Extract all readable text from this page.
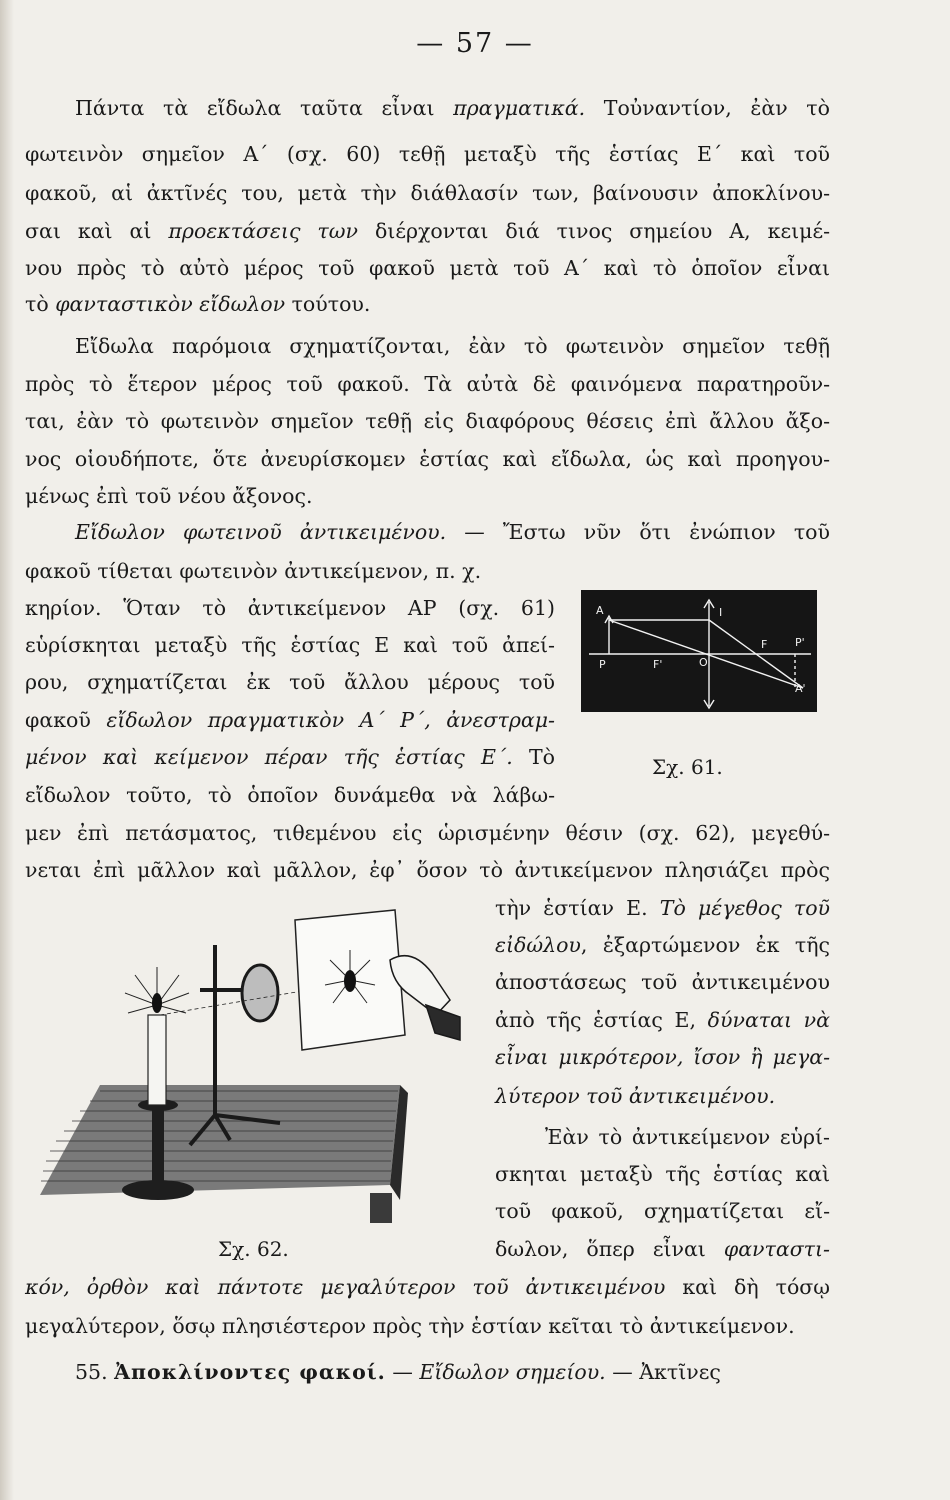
— 57 —
Πάντα τὰ εἴδωλα ταῦτα εἶναι πραγματικά. Τοὐναντίον, ἐὰν τὸ
φωτεινὸν σημεῖον Α΄ (σχ. 60) τεθῇ μεταξὺ τῆς ἑστίας Ε΄ καὶ τοῦ
φακοῦ, αἱ ἀκτῖνές του, μετὰ τὴν διάθλασίν των, βαίνουσιν ἀποκλίνου-
σαι καὶ αἱ προεκτάσεις των διέρχονται διά τινος σημείου Α, κειμέ-
νου πρὸς τὸ αὐτὸ μέρος τοῦ φακοῦ μετὰ τοῦ Α΄ καὶ τὸ ὁποῖον εἶναι
τὸ φανταστικὸν εἴδωλον τούτου.
Εἴδωλα παρόμοια σχηματίζονται, ἐὰν τὸ φωτεινὸν σημεῖον τεθῇ
πρὸς τὸ ἕτερον μέρος τοῦ φακοῦ. Τὰ αὐτὰ δὲ φαινόμενα παρατηροῦν-
ται, ἐὰν τὸ φωτεινὸν σημεῖον τεθῇ εἰς διαφόρους θέσεις ἐπὶ ἄλλου ἄξο-
νος οἱουδήποτε, ὅτε ἀνευρίσκομεν ἑστίας καὶ εἴδωλα, ὡς καὶ προηγου-
μένως ἐπὶ τοῦ νέου ἄξονος.
Εἴδωλον φωτεινοῦ ἀντικειμένου. — Ἔστω νῦν ὅτι ἐνώπιον τοῦ
φακοῦ τίθεται φωτεινὸν ἀντικείμενον, π. χ.
κηρίον. Ὅταν τὸ ἀντικείμενον ΑΡ (σχ. 61)
εὑρίσκηται μεταξὺ τῆς ἑστίας Ε καὶ τοῦ ἀπεί-
ρου, σχηματίζεται ἐκ τοῦ ἄλλου μέρους τοῦ
φακοῦ εἴδωλον πραγματικὸν Α΄ Ρ΄, ἀνεστραμ-
μένον καὶ κείμενον πέραν τῆς ἑστίας Ε΄. Τὸ
εἴδωλον τοῦτο, τὸ ὁποῖον δυνάμεθα νὰ λάβω-
μεν ἐπὶ πετάσματος, τιθεμένου εἰς ὡρισμένην θέσιν (σχ. 62), μεγεθύ-
νεται ἐπὶ μᾶλλον καὶ μᾶλλον, ἐφ᾽ ὅσον τὸ ἀντικείμενον πλησιάζει πρὸς
τὴν ἑστίαν Ε. Τὸ μέγεθος τοῦ
εἰδώλου, ἐξαρτώμενον ἐκ τῆς
ἀποστάσεως τοῦ ἀντικειμένου
ἀπὸ τῆς ἑστίας Ε, δύναται νὰ
εἶναι μικρότερον, ἴσον ἢ μεγα-
λύτερον τοῦ ἀντικειμένου.
Ἐὰν τὸ ἀντικείμενον εὑρί-
σκηται μεταξὺ τῆς ἑστίας καὶ
τοῦ φακοῦ, σχηματίζεται εἴ-
δωλον, ὅπερ εἶναι φανταστι-
κόν, ὀρθὸν καὶ πάντοτε μεγαλύτερον τοῦ ἀντικειμένου καὶ δὴ τόσῳ
μεγαλύτερον, ὅσῳ πλησιέστερον πρὸς τὴν ἑστίαν κεῖται τὸ ἀντικείμενον.
55. Ἀποκλίνοντες φακοί. — Εἴδωλον σημείου. — Ἀκτῖνες
A	I
F	P'
P	F'	O
A'
Σχ. 61.
Σχ. 62.
